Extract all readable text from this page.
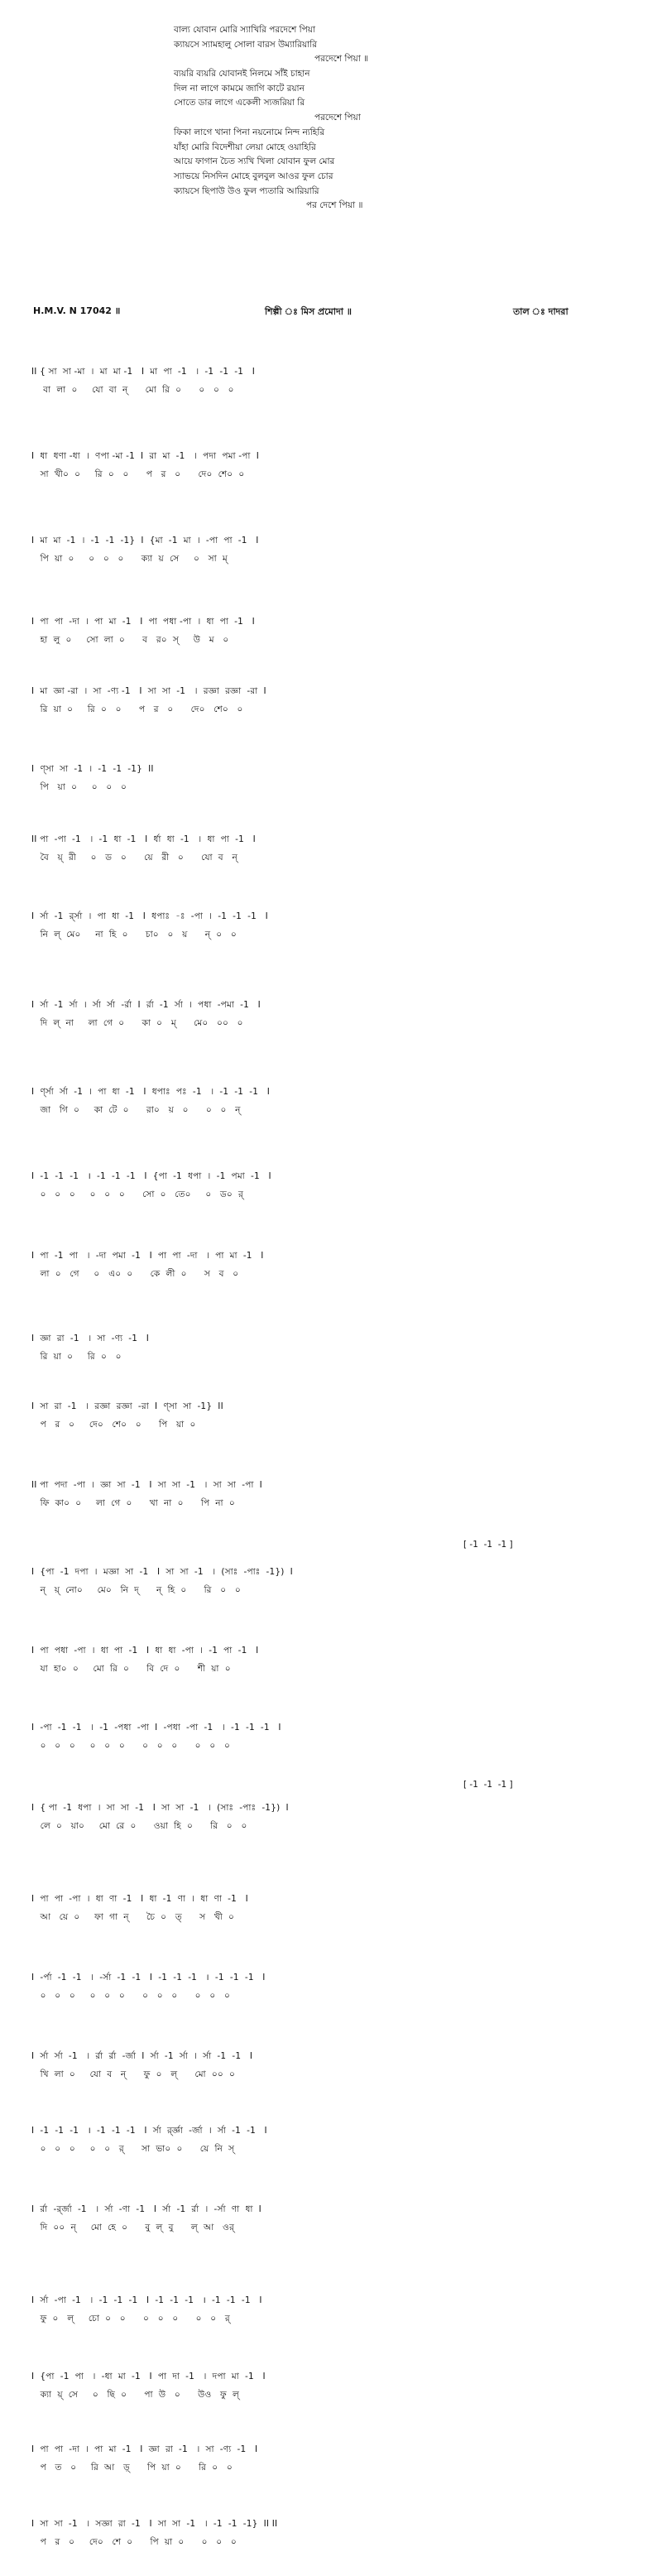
বাল্য যোবান মোরি স্যাখিরি পরদেশে পিয়া
ক্যায়সে স্যামহালু সোলা বারস উম্যারিয়ারি
পরদেশে পিয়া ॥
ব্যয়রি ব্যয়রি যোবানই নিলমে সাঁই চাহান
দিল না লাগে কামমে জাগি কাটে রয়ান
সোতে ডার লাগে একেলী স্যজরিয়া রি
পরদেশে পিয়া
ফিকা লাগে খানা পিনা নয়নোমে নিন্দ ন্যহিরি
যাঁহা মোরি বিদেশীয়া লেয়া মোহে ওয়াহিরি
আয়ে ফাগান চৈত স্যখি খিলা যোবান ফুল মোর
স্যাভয়ে নিসদিন মোহে বুলবুল আওর ফুল চোর
ক্যায়সে ছিপাউ উও ফুল প্যতারি আরিয়ারি
পর দেশে পিয়া ॥
H.M.V. N 17042 ॥	শিল্পী ঃ মিস প্রমোদা ॥	তাল ঃ দাদরা
II { সা  সা -মা  ।  মা  মা -1   I  মা  পা  -1   ।  -1  -1  -1   I
বা  লা  ০     যো  বা  ন্      মো  রি  ০      ০   ০   ০
I  ধা  ধণা -ধা  ।  ণপা -মা -1  I  রা  মা  -1   ।  পদা  পমা -পা  I
সা  খী০  ০     রি  ০   ০      প   র   ০      দে০  শে০  ০
I  মা  মা  -1  ।  -1  -1  -1}  I  {মা  -1  মা  ।  -পা  পা  -1   I
পি  য়া  ০     ০   ০   ০      ক্যা  য়  সে     ০   সা  ম্
I  পা  পা  -দা  ।  পা  মা  -1   I  পা  পধা -পা  ।  ধা  পা  -1   I
হা  লু  ০     সো  লা  ০      ব   র০  স্     উ   ম   ০
I  মা  জ্ঞা -রা  ।  সা  -ণ্য -1   I  সা  সা  -1   ।  রজ্ঞা  রজ্ঞা  -রা  I
রি  য়া  ০     রি  ০   ০      প   র   ০      দে০   শে০   ০
I  ণ্সা  সা  -1  ।  -1  -1  -1}  II
পি   য়া  ০     ০   ০   ০
II পা  -পা  -1   ।  -1  ধা  -1   I  র্ধা  ধা  -1   ।  ধা  পা  -1   I
বৈ   য়্  রী     ০   ড   ০      য়ে   রী   ০      যো  ব   ন্
I  র্সা  -1  র্র্সা  ।  পা  ধা  -1   I  ধপাঃ  -ঃ  -পা  ।  -1  -1  -1   I
নি  ল্  মে০     না  হি  ০      চা০   ০   য়      ন্  ০   ০
I  র্সা  -1  র্সা  ।  র্সা  র্সা  -র্রা  I  র্রা  -1  র্সা  ।  পধা  -পমা  -1   I
দি  ল্  না     লা  গে  ০      কা  ০   ম্      মে০   ০০   ০
I  র্ণ্সা  র্সা  -1  ।  পা  ধা  -1   I  ধপাঃ  পঃ  -1   ।  -1  -1  -1   I
জা   গি  ০     কা  টে  ০      রা০   য়   ০      ০   ০   ন্
I  -1  -1  -1   ।  -1  -1  -1   I  {পা  -1  ধপা  ।  -1  পমা  -1   I
০   ০   ০     ০   ০   ০      সো  ০   তে০     ০   ড০  র্
I  পা  -1  পা   ।  -দা  পমা  -1   I  পা  পা  -দা   ।  পা  মা  -1   I
লা  ০   গে     ০   এ০  ০      কে  লী  ০      স   ব   ০
I  জ্ঞা  রা  -1   ।  সা  -ণ্য  -1   I
রি  য়া  ০     রি  ০   ০
I  সা  রা  -1   ।  রজ্ঞা  রজ্ঞা  -রা  I  ণ্সা  সা  -1}  II
প   র   ০     দে০   শে০   ০      পি   য়া  ০
II পা  পদা  -পা  ।  জ্ঞা  সা  -1   I  সা  সা  -1   ।  সা  সা  -পা  I
ফি  কা০  ০     লা  গে  ০      খা  না  ০      পি  না  ০
[ -1  -1  -1 ]
I  {পা  -1  দপা  ।  মজ্ঞা  সা  -1   I  সা  সা  -1   ।  (সাঃ  -পাঃ  -1})  I
ন্   য়্  নো০     মে০   নি  দ্      ন্  হি  ০      রি   ০   ০
I  পা  পধা  -পা  ।  ধা  পা  -1   I  ধা  ধা  -পা  ।  -1  পা  -1   I
যা  হা০  ০     মো  রি  ০      বি  দে  ০      শী  য়া  ০
I  -পা  -1  -1   ।  -1  -পধা  -পা  I  -পধা  -পা  -1   ।  -1  -1  -1   I
০   ০   ০     ০   ০   ০      ০   ০   ০      ০   ০   ০
[ -1  -1  -1 ]
I  { পা  -1  ধপা  ।  সা  সা  -1   I  সা  সা  -1   ।  (সাঃ  -পাঃ  -1})  I
লে  ০   য়া০     মো  রে  ০      ওয়া  হি  ০      রি   ০   ০
I  পা  পা  -পা  ।  ধা  ণা  -1   I  ধা  -1  ণা  ।  ধা  ণা  -1   I
আ   য়ে  ০     ফা  গা  ন্      চৈ  ০   ত্      স   খী  ০
I  -র্পা  -1  -1   ।  -র্সা  -1  -1   I  -1  -1  -1   ।  -1  -1  -1   I
০   ০   ০     ০   ০   ০      ০   ০   ০      ০   ০   ০
I  র্সা  র্সা  -1   ।  র্রা  র্রা  -র্জা  I  র্সা  -1  র্সা  ।  র্সা  -1  -1   I
খি  লা  ০     যো  ব   ন্      ফু  ০   ল্      মো  ০০  ০
I  -1  -1  -1   ।  -1  -1  -1   I  র্সা  র্র্জ্ঞা  -র্জা  ।  র্সা  -1  -1   I
০   ০   ০     ০   ০   র্      সা  ভা০  ০      য়ে  নি  স্
I  র্রা  -র্র্জা  -1   ।  র্সা  -ণা  -1   I  র্সা  -1  র্রা  ।  -র্সা  ণা  ধা  I
দি  ০০  ন্     মো  হে  ০      বু  ল্  বু      ল্  আ   ওর্
I  র্সা  -পা  -1   ।  -1  -1  -1   I  -1  -1  -1   ।  -1  -1  -1   I
ফু  ০   ল্     চো  ০   ০      ০   ০   ০      ০   ০   র্
I  {পা  -1  পা   ।  -ধা  মা  -1   I  পা  দা  -1   ।  দপা  মা  -1   I
ক্যা  য়্  সে     ০   ছি  ০      পা  উ   ০      উও   ফু  ল্
I  পা  পা  -দা  ।  পা  মা  -1   I  জ্ঞা  রা  -1   ।  সা  -ণ্য  -1   I
প   ত   ০     রি  আ   ড়্      পি  য়া  ০      রি  ০   ০
I  সা  সা  -1   ।  সজ্ঞা  রা  -1   I  সা  সা  -1   ।  -1  -1  -1}  II II
প   র   ০     দে০   শে  ০      পি  য়া  ০      ০   ০   ০
